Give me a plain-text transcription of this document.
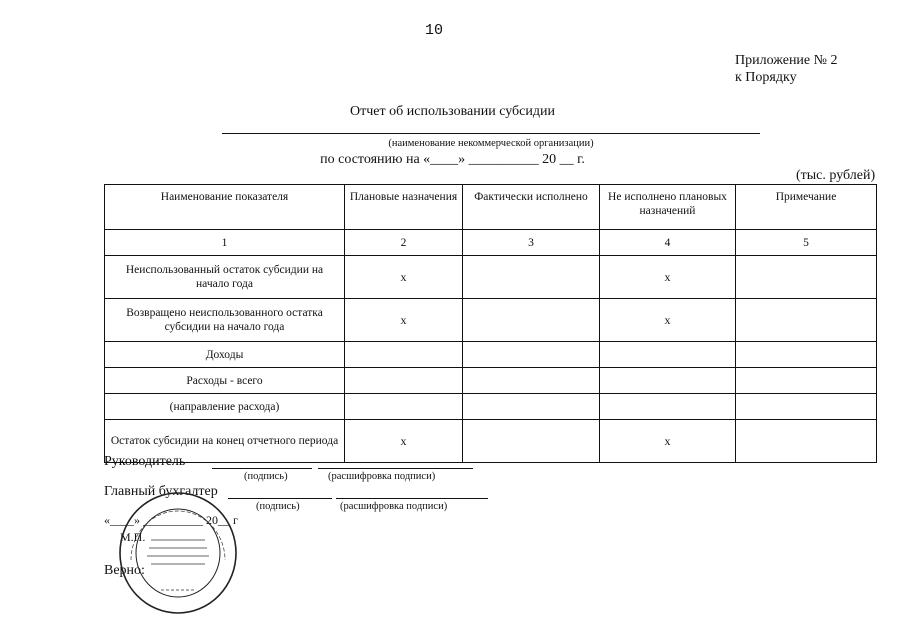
10
Приложение № 2
к Порядку
Отчет об использовании субсидии
(наименование некоммерческой организации)
по состоянию на «____» __________ 20 __ г.
(тыс. рублей)
Наименование показателя	Плановые назначения	Фактически исполнено	Не исполнено плановых назначений	Примечание
1	2	3	4	5
Неиспользованный остаток субсидии на начало года	x		x	
Возвращено неиспользованного остатка субсидии на начало года	x		x	
Доходы				
Расходы - всего				
(направление расхода)				
Остаток субсидии на конец отчетного периода	x		x	
Руководитель
(подпись)	(расшифровка подписи)
Главный бухгалтер
(подпись)	(расшифровка подписи)
«____» __________ 20__ г
М.П.
Верно:
